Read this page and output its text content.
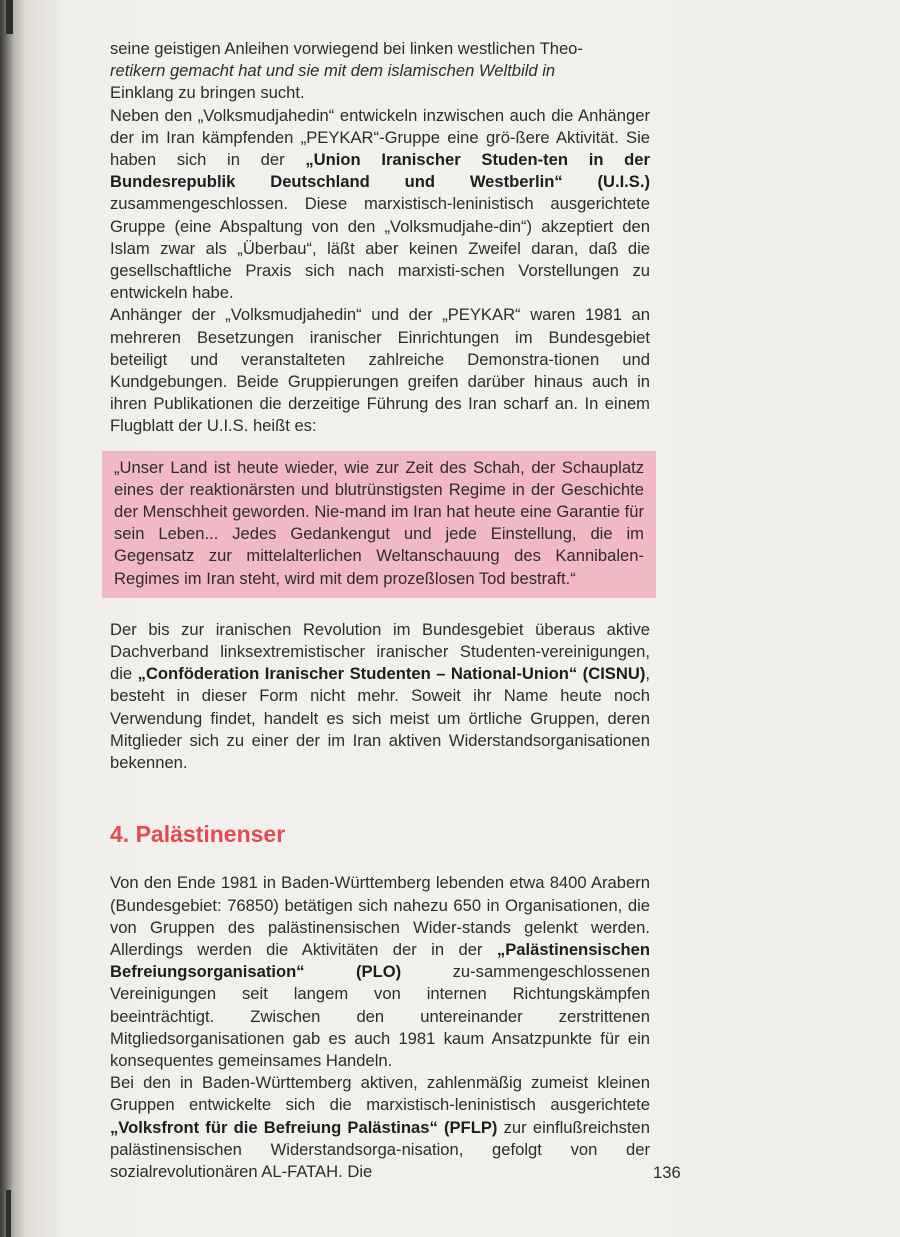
seine geistigen Anleihen vorwiegend bei linken westlichen Theo-
retikern gemacht hat und sie mit dem islamischen Weltbild in
Einklang zu bringen sucht.

Neben den „Volksmudjahedin“ entwickeln inzwischen auch die Anhänger der im Iran kämpfenden „PEYKAR“-Gruppe eine grö-ßere Aktivität. Sie haben sich in der „Union Iranischer Studen-ten in der Bundesrepublik Deutschland und Westberlin“ (U.I.S.) zusammengeschlossen. Diese marxistisch-leninistisch ausgerichtete Gruppe (eine Abspaltung von den „Volksmudjahe-din“) akzeptiert den Islam zwar als „Überbau“, läßt aber keinen Zweifel daran, daß die gesellschaftliche Praxis sich nach marxisti-schen Vorstellungen zu entwickeln habe.

Anhänger der „Volksmudjahedin“ und der „PEYKAR“ waren 1981 an mehreren Besetzungen iranischer Einrichtungen im Bundesgebiet beteiligt und veranstalteten zahlreiche Demonstra-tionen und Kundgebungen. Beide Gruppierungen greifen darüber hinaus auch in ihren Publikationen die derzeitige Führung des Iran scharf an. In einem Flugblatt der U.I.S. heißt es:

„Unser Land ist heute wieder, wie zur Zeit des Schah, der Schauplatz eines der reaktionärsten und blutrünstigsten Regime in der Geschichte der Menschheit geworden. Nie-mand im Iran hat heute eine Garantie für sein Leben... Jedes Gedankengut und jede Einstellung, die im Gegensatz zur mittelalterlichen Weltanschauung des Kannibalen-Regimes im Iran steht, wird mit dem prozeßlosen Tod bestraft.“

Der bis zur iranischen Revolution im Bundesgebiet überaus aktive Dachverband linksextremistischer iranischer Studenten-vereinigungen, die „Conföderation Iranischer Studenten – National-Union“ (CISNU), besteht in dieser Form nicht mehr. Soweit ihr Name heute noch Verwendung findet, handelt es sich meist um örtliche Gruppen, deren Mitglieder sich zu einer der im Iran aktiven Widerstandsorganisationen bekennen.

4. Palästinenser

Von den Ende 1981 in Baden-Württemberg lebenden etwa 8400 Arabern (Bundesgebiet: 76850) betätigen sich nahezu 650 in Organisationen, die von Gruppen des palästinensischen Wider-stands gelenkt werden. Allerdings werden die Aktivitäten der in der „Palästinensischen Befreiungsorganisation“ (PLO) zu-sammengeschlossenen Vereinigungen seit langem von internen Richtungskämpfen beeinträchtigt. Zwischen den untereinander zerstrittenen Mitgliedsorganisationen gab es auch 1981 kaum Ansatzpunkte für ein konsequentes gemeinsames Handeln.

Bei den in Baden-Württemberg aktiven, zahlenmäßig zumeist kleinen Gruppen entwickelte sich die marxistisch-leninistisch ausgerichtete „Volksfront für die Befreiung Palästinas“ (PFLP) zur einflußreichsten palästinensischen Widerstandsorga-nisation, gefolgt von der sozialrevolutionären AL-FATAH. Die	136
